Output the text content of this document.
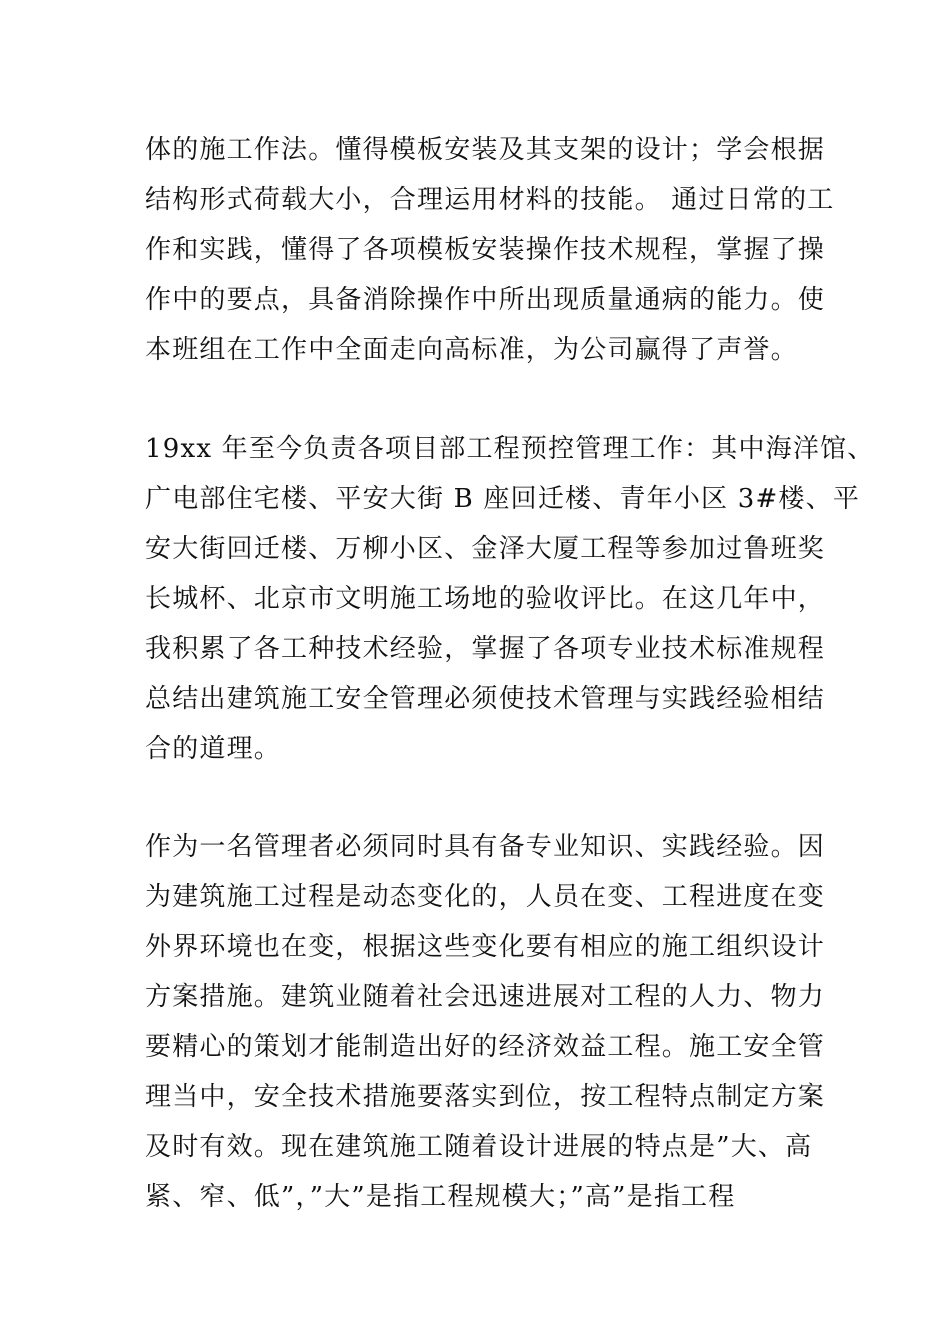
体的施工作法。懂得模板安装及其支架的设计；学会根据
结构形式荷载大小，合理运用材料的技能。 通过日常的工
作和实践，懂得了各项模板安装操作技术规程，掌握了操
作中的要点，具备消除操作中所出现质量通病的能力。使
本班组在工作中全面走向高标准，为公司赢得了声誉。
19xx 年至今负责各项目部工程预控管理工作：其中海洋馆、
广电部住宅楼、平安大街 B 座回迁楼、青年小区 3#楼、平
安大街回迁楼、万柳小区、金泽大厦工程等参加过鲁班奖
长城杯、北京市文明施工场地的验收评比。在这几年中，
我积累了各工种技术经验，掌握了各项专业技术标准规程
总结出建筑施工安全管理必须使技术管理与实践经验相结
合的道理。
作为一名管理者必须同时具有备专业知识、实践经验。因
为建筑施工过程是动态变化的，人员在变、工程进度在变
外界环境也在变，根据这些变化要有相应的施工组织设计
方案措施。建筑业随着社会迅速进展对工程的人力、物力
要精心的策划才能制造出好的经济效益工程。施工安全管
理当中，安全技术措施要落实到位，按工程特点制定方案
及时有效。现在建筑施工随着设计进展的特点是”大、高
紧、窄、低”，”大”是指工程规模大；”高”是指工程
